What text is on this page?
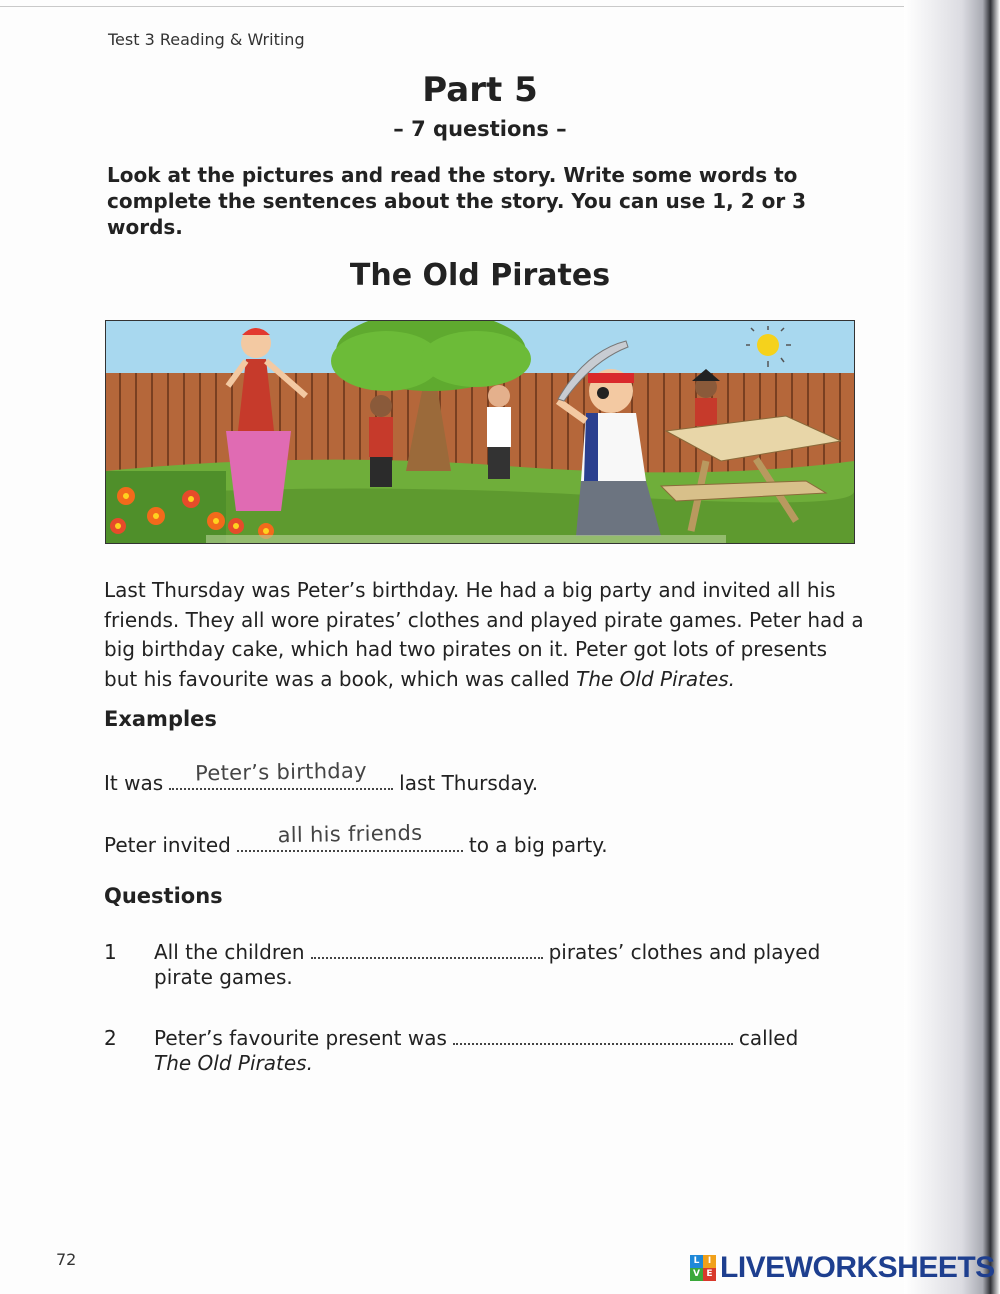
Test 3 Reading & Writing
Part 5
– 7 questions –
Look at the pictures and read the story. Write some words to complete the sentences about the story. You can use 1, 2 or 3 words.
The Old Pirates
Last Thursday was Peter’s birthday. He had a big party and invited all his friends. They all wore pirates’ clothes and played pirate games. Peter had a big birthday cake, which had two pirates on it. Peter got lots of presents but his favourite was a book, which was called The Old Pirates.
Examples
It was	Peter’s birthday	last Thursday.
Peter invited	all his friends	to a big party.
Questions
1 All the children	pirates’ clothes and played
pirate games.
2 Peter’s favourite present was	called
The Old Pirates.
72	L I
V E LIVEWORKSHEETS
